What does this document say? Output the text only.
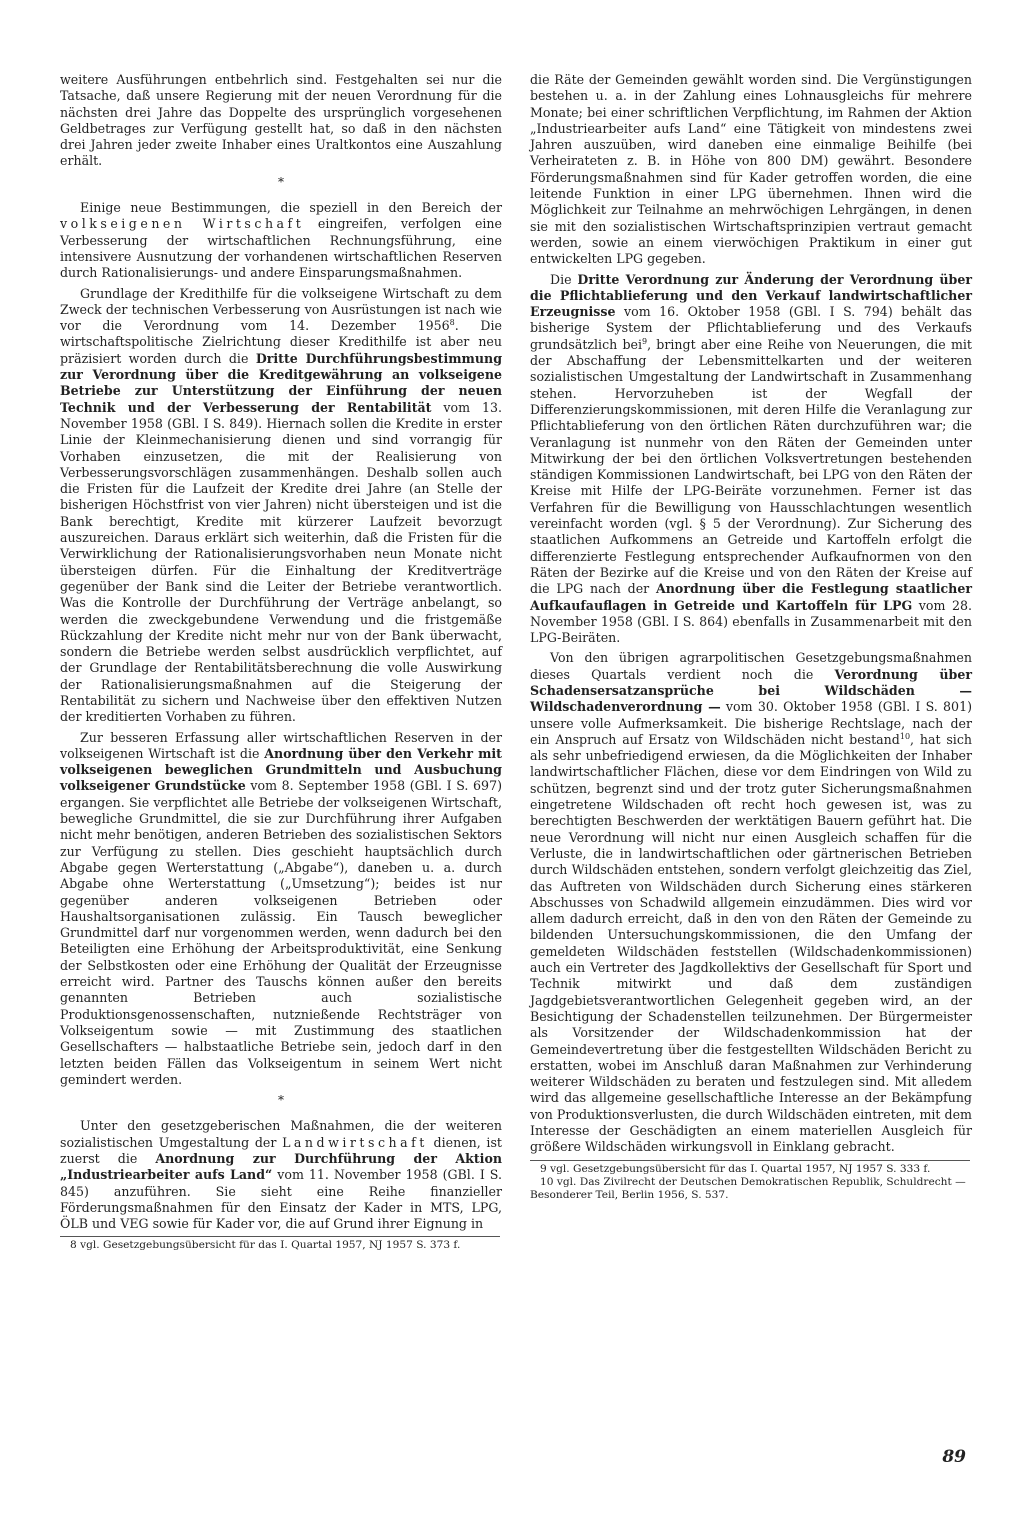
weitere Ausführungen entbehrlich sind. Festgehalten sei nur die Tatsache, daß unsere Regierung mit der neuen Verordnung für die nächsten drei Jahre das Doppelte des ursprünglich vorgesehenen Geldbetrages zur Verfügung gestellt hat, so daß in den nächsten drei Jahren jeder zweite Inhaber eines Uraltkontos eine Auszahlung erhält.

*

Einige neue Bestimmungen, die speziell in den Bereich der volkseigenen Wirtschaft eingreifen, verfolgen eine Verbesserung der wirtschaftlichen Rechnungsführung, eine intensivere Ausnutzung der vorhandenen wirtschaftlichen Reserven durch Rationalisierungs- und andere Einsparungsmaßnahmen.

Grundlage der Kredithilfe für die volkseigene Wirtschaft zu dem Zweck der technischen Verbesserung von Ausrüstungen ist nach wie vor die Verordnung vom 14. Dezember 1956$^8$. Die wirtschaftspolitische Zielrichtung dieser Kredithilfe ist aber neu präzisiert worden durch die Dritte Durchführungsbestimmung zur Verordnung über die Kreditgewährung an volkseigene Betriebe zur Unterstützung der Einführung der neuen Technik und der Verbesserung der Rentabilität vom 13. November 1958 (GBl. I S. 849). Hiernach sollen die Kredite in erster Linie der Kleinmechanisierung dienen und sind vorrangig für Vorhaben einzusetzen, die mit der Realisierung von Verbesserungsvorschlägen zusammenhängen. Deshalb sollen auch die Fristen für die Laufzeit der Kredite drei Jahre (an Stelle der bisherigen Höchstfrist von vier Jahren) nicht übersteigen und ist die Bank berechtigt, Kredite mit kürzerer Laufzeit bevorzugt auszureichen. Daraus erklärt sich weiterhin, daß die Fristen für die Verwirklichung der Rationalisierungsvorhaben neun Monate nicht übersteigen dürfen. Für die Einhaltung der Kreditverträge gegenüber der Bank sind die Leiter der Betriebe verantwortlich. Was die Kontrolle der Durchführung der Verträge anbelangt, so werden die zweckgebundene Verwendung und die fristgemäße Rückzahlung der Kredite nicht mehr nur von der Bank überwacht, sondern die Betriebe werden selbst ausdrücklich verpflichtet, auf der Grundlage der Rentabilitätsberechnung die volle Auswirkung der Rationalisierungsmaßnahmen auf die Steigerung der Rentabilität zu sichern und Nachweise über den effektiven Nutzen der kreditierten Vorhaben zu führen.

Zur besseren Erfassung aller wirtschaftlichen Reserven in der volkseigenen Wirtschaft ist die Anordnung über den Verkehr mit volkseigenen beweglichen Grundmitteln und Ausbuchung volkseigener Grundstücke vom 8. September 1958 (GBl. I S. 697) ergangen. Sie verpflichtet alle Betriebe der volkseigenen Wirtschaft, bewegliche Grundmittel, die sie zur Durchführung ihrer Aufgaben nicht mehr benötigen, anderen Betrieben des sozialistischen Sektors zur Verfügung zu stellen. Dies geschieht hauptsächlich durch Abgabe gegen Werterstattung („Abgabe“), daneben u. a. durch Abgabe ohne Werterstattung („Umsetzung“); beides ist nur gegenüber anderen volkseigenen Betrieben oder Haushaltsorganisationen zulässig. Ein Tausch beweglicher Grundmittel darf nur vorgenommen werden, wenn dadurch bei den Beteiligten eine Erhöhung der Arbeitsproduktivität, eine Senkung der Selbstkosten oder eine Erhöhung der Qualität der Erzeugnisse erreicht wird. Partner des Tauschs können außer den bereits genannten Betrieben auch sozialistische Produktionsgenossenschaften, nutznießende Rechtsträger von Volkseigentum sowie — mit Zustimmung des staatlichen Gesellschafters — halbstaatliche Betriebe sein, jedoch darf in den letzten beiden Fällen das Volkseigentum in seinem Wert nicht gemindert werden.

*

Unter den gesetzgeberischen Maßnahmen, die der weiteren sozialistischen Umgestaltung der Landwirtschaft dienen, ist zuerst die Anordnung zur Durchführung der Aktion „Industriearbeiter aufs Land“ vom 11. November 1958 (GBl. I S. 845) anzuführen. Sie sieht eine Reihe finanzieller Förderungsmaßnahmen für den Einsatz der Kader in MTS, LPG, ÖLB und VEG sowie für Kader vor, die auf Grund ihrer Eignung in

8 vgl. Gesetzgebungsübersicht für das I. Quartal 1957, NJ 1957 S. 373 f.

die Räte der Gemeinden gewählt worden sind. Die Vergünstigungen bestehen u. a. in der Zahlung eines Lohnausgleichs für mehrere Monate; bei einer schriftlichen Verpflichtung, im Rahmen der Aktion „Industriearbeiter aufs Land“ eine Tätigkeit von mindestens zwei Jahren auszuüben, wird daneben eine einmalige Beihilfe (bei Verheirateten z. B. in Höhe von 800 DM) gewährt. Besondere Förderungsmaßnahmen sind für Kader getroffen worden, die eine leitende Funktion in einer LPG übernehmen. Ihnen wird die Möglichkeit zur Teilnahme an mehrwöchigen Lehrgängen, in denen sie mit den sozialistischen Wirtschaftsprinzipien vertraut gemacht werden, sowie an einem vierwöchigen Praktikum in einer gut entwickelten LPG gegeben.

Die Dritte Verordnung zur Änderung der Verordnung über die Pflichtablieferung und den Verkauf landwirtschaftlicher Erzeugnisse vom 16. Oktober 1958 (GBl. I S. 794) behält das bisherige System der Pflichtablieferung und des Verkaufs grundsätzlich bei$^9$, bringt aber eine Reihe von Neuerungen, die mit der Abschaffung der Lebensmittelkarten und der weiteren sozialistischen Umgestaltung der Landwirtschaft in Zusammenhang stehen. Hervorzuheben ist der Wegfall der Differenzierungskommissionen, mit deren Hilfe die Veranlagung zur Pflichtablieferung von den örtlichen Räten durchzuführen war; die Veranlagung ist nunmehr von den Räten der Gemeinden unter Mitwirkung der bei den örtlichen Volksvertretungen bestehenden ständigen Kommissionen Landwirtschaft, bei LPG von den Räten der Kreise mit Hilfe der LPG-Beiräte vorzunehmen. Ferner ist das Verfahren für die Bewilligung von Hausschlachtungen wesentlich vereinfacht worden (vgl. § 5 der Verordnung). Zur Sicherung des staatlichen Aufkommens an Getreide und Kartoffeln erfolgt die differenzierte Festlegung entsprechender Aufkaufnormen von den Räten der Bezirke auf die Kreise und von den Räten der Kreise auf die LPG nach der Anordnung über die Festlegung staatlicher Aufkaufauflagen in Getreide und Kartoffeln für LPG vom 28. November 1958 (GBl. I S. 864) ebenfalls in Zusammenarbeit mit den LPG-Beiräten.

Von den übrigen agrarpolitischen Gesetzgebungsmaßnahmen dieses Quartals verdient noch die Verordnung über Schadensersatzansprüche bei Wildschäden — Wildschadenverordnung — vom 30. Oktober 1958 (GBl. I S. 801) unsere volle Aufmerksamkeit. Die bisherige Rechtslage, nach der ein Anspruch auf Ersatz von Wildschäden nicht bestand$^{10}$, hat sich als sehr unbefriedigend erwiesen, da die Möglichkeiten der Inhaber landwirtschaftlicher Flächen, diese vor dem Eindringen von Wild zu schützen, begrenzt sind und der trotz guter Sicherungsmaßnahmen eingetretene Wildschaden oft recht hoch gewesen ist, was zu berechtigten Beschwerden der werktätigen Bauern geführt hat. Die neue Verordnung will nicht nur einen Ausgleich schaffen für die Verluste, die in landwirtschaftlichen oder gärtnerischen Betrieben durch Wildschäden entstehen, sondern verfolgt gleichzeitig das Ziel, das Auftreten von Wildschäden durch Sicherung eines stärkeren Abschusses von Schadwild allgemein einzudämmen. Dies wird vor allem dadurch erreicht, daß in den von den Räten der Gemeinde zu bildenden Untersuchungskommissionen, die den Umfang der gemeldeten Wildschäden feststellen (Wildschadenkommissionen) auch ein Vertreter des Jagdkollektivs der Gesellschaft für Sport und Technik mitwirkt und daß dem zuständigen Jagdgebietsverantwortlichen Gelegenheit gegeben wird, an der Besichtigung der Schadenstellen teilzunehmen. Der Bürgermeister als Vorsitzender der Wildschadenkommission hat der Gemeindevertretung über die festgestellten Wildschäden Bericht zu erstatten, wobei im Anschluß daran Maßnahmen zur Verhinderung weiterer Wildschäden zu beraten und festzulegen sind. Mit alledem wird das allgemeine gesellschaftliche Interesse an der Bekämpfung von Produktionsverlusten, die durch Wildschäden eintreten, mit dem Interesse der Geschädigten an einem materiellen Ausgleich für größere Wildschäden wirkungsvoll in Einklang gebracht.

9 vgl. Gesetzgebungsübersicht für das I. Quartal 1957, NJ 1957 S. 333 f.

10 vgl. Das Zivilrecht der Deutschen Demokratischen Republik, Schuldrecht — Besonderer Teil, Berlin 1956, S. 537.

89
